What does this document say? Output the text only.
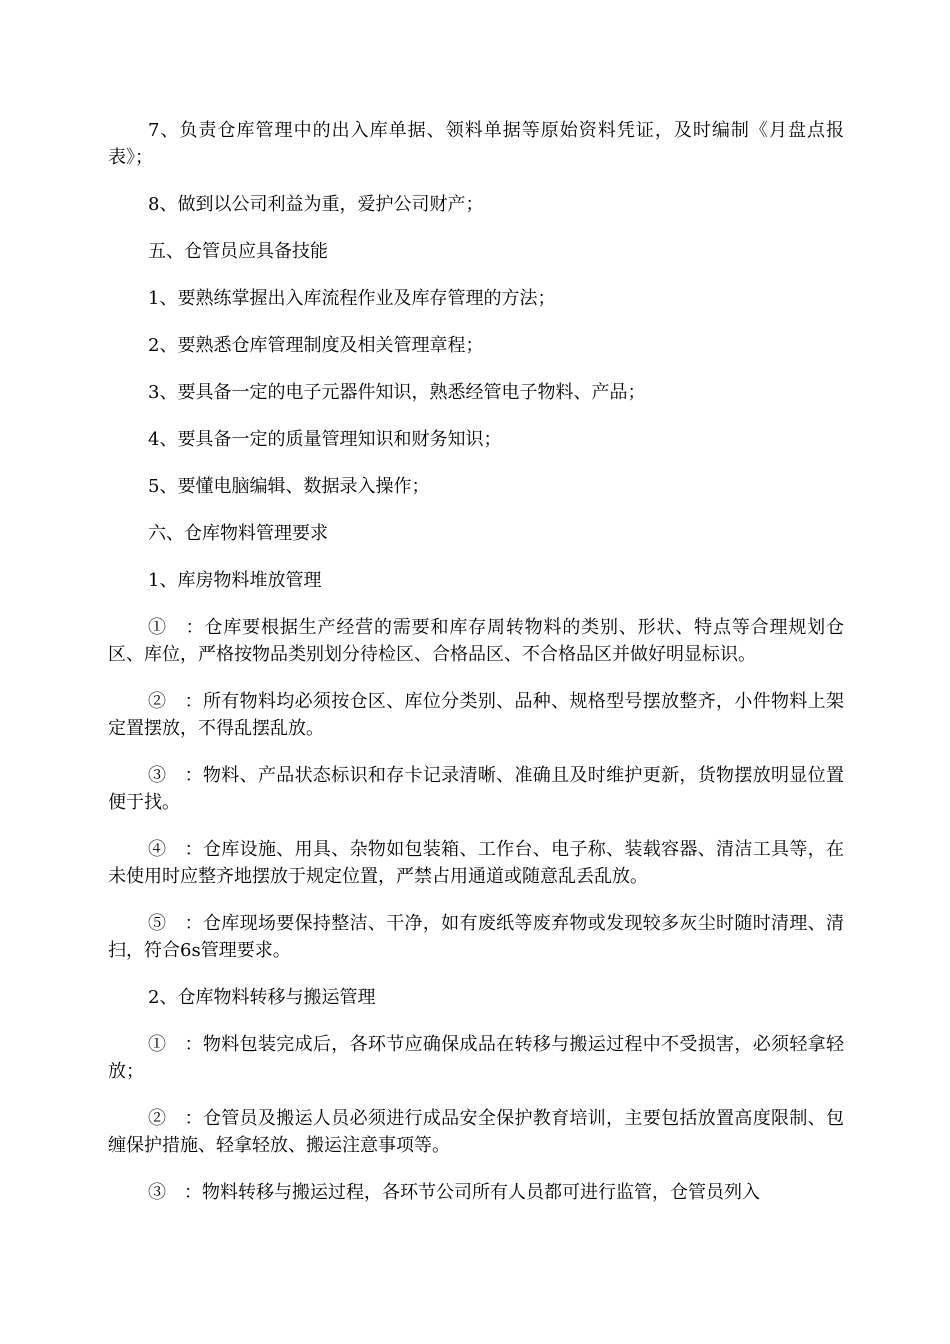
7、负责仓库管理中的出入库单据、领料单据等原始资料凭证，及时编制《月盘点报表》；

8、做到以公司利益为重，爱护公司财产；

五、仓管员应具备技能

1、要熟练掌握出入库流程作业及库存管理的方法；

2、要熟悉仓库管理制度及相关管理章程；

3、要具备一定的电子元器件知识，熟悉经管电子物料、产品；

4、要具备一定的质量管理知识和财务知识；

5、要懂电脑编辑、数据录入操作；

六、仓库物料管理要求

1、库房物料堆放管理

①　：仓库要根据生产经营的需要和库存周转物料的类别、形状、特点等合理规划仓区、库位，严格按物品类别划分待检区、合格品区、不合格品区并做好明显标识。

②　：所有物料均必须按仓区、库位分类别、品种、规格型号摆放整齐，小件物料上架定置摆放，不得乱摆乱放。

③　：物料、产品状态标识和存卡记录清晰、准确且及时维护更新，货物摆放明显位置便于找。

④　：仓库设施、用具、杂物如包装箱、工作台、电子称、装载容器、清洁工具等，在未使用时应整齐地摆放于规定位置，严禁占用通道或随意乱丢乱放。

⑤　：仓库现场要保持整洁、干净，如有废纸等废弃物或发现较多灰尘时随时清理、清扫，符合6s管理要求。

2、仓库物料转移与搬运管理

①　：物料包装完成后，各环节应确保成品在转移与搬运过程中不受损害，必须轻拿轻放；

②　：仓管员及搬运人员必须进行成品安全保护教育培训，主要包括放置高度限制、包缠保护措施、轻拿轻放、搬运注意事项等。

③　：物料转移与搬运过程，各环节公司所有人员都可进行监管，仓管员列入
